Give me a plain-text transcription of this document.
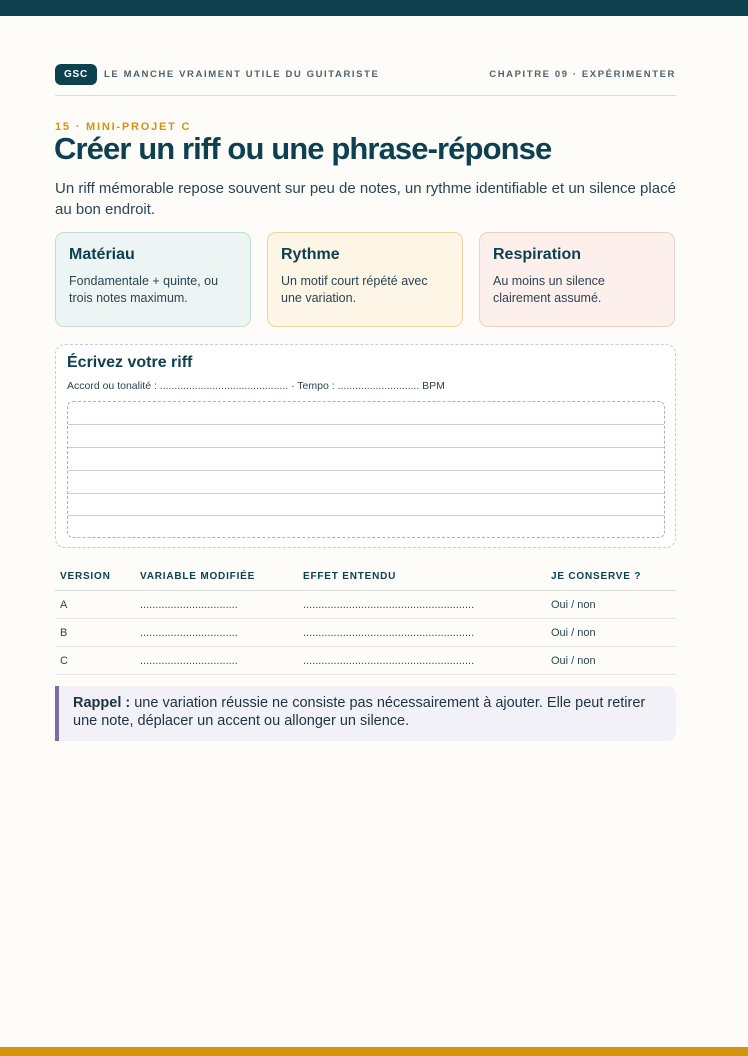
GSC	LE MANCHE VRAIMENT UTILE DU GUITARISTE	CHAPITRE 09 · EXPÉRIMENTER
15 · MINI-PROJET C
Créer un riff ou une phrase-réponse
Un riff mémorable repose souvent sur peu de notes, un rythme identifiable et un silence placé au bon endroit.
Matériau

Fondamentale + quinte, ou trois notes maximum.

Rythme

Un motif court répété avec une variation.

Respiration

Au moins un silence clairement assumé.

Écrivez votre riff
Accord ou tonalité : ............................................ · Tempo : ............................ BPM
VERSION	VARIABLE MODIFIÉE	EFFET ENTENDU	JE CONSERVE ?
A	................................	........................................................	Oui / non
B	................................	........................................................	Oui / non
C	................................	........................................................	Oui / non
Rappel : une variation réussie ne consiste pas nécessairement à ajouter. Elle peut retirer une note, déplacer un accent ou allonger un silence.
